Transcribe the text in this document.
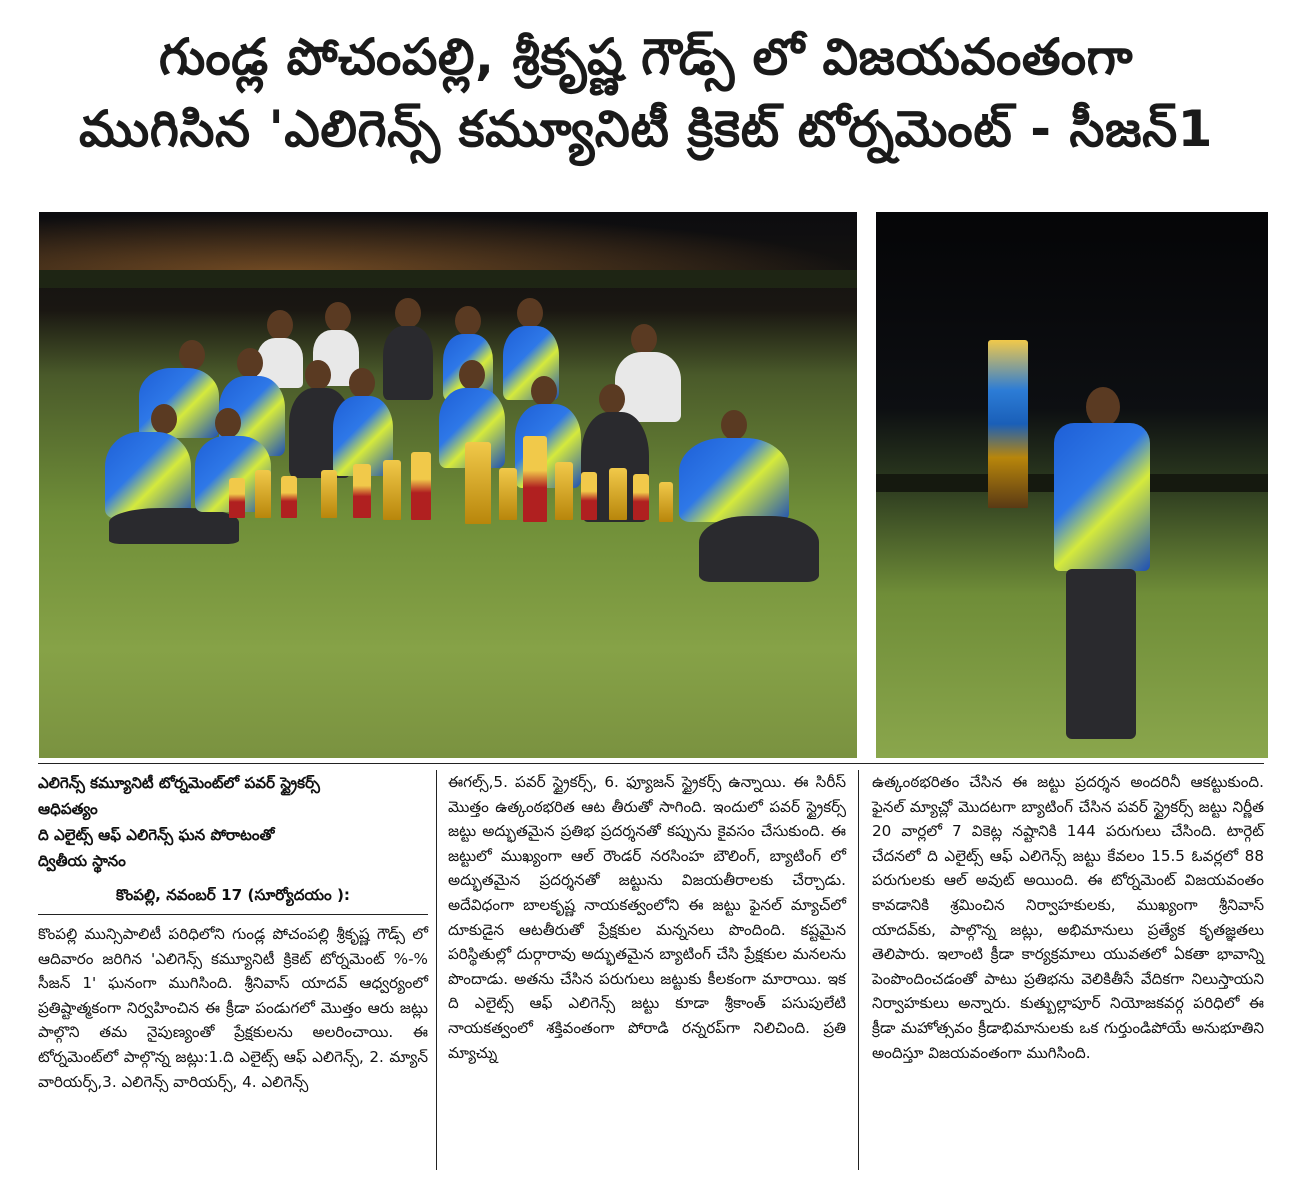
గుండ్ల పోచంపల్లి, శ్రీకృష్ణ గౌడ్స్ లో విజయవంతంగా
ముగిసిన 'ఎలిగెన్స్ కమ్యూనిటీ క్రికెట్ టోర్నమెంట్ - సీజన్1

ఎలిగెన్స్ కమ్యూనిటీ టోర్నమెంట్‌లో పవర్ స్ట్రైకర్స్

ఆధిపత్యం

ది ఎలైట్స్ ఆఫ్ ఎలిగెన్స్ ఘన పోరాటంతో

ద్వితీయ స్థానం

కొంపల్లి, నవంబర్ 17 (సూర్యోదయం ):
కొంపల్లి మున్సిపాలిటీ పరిధిలోని గుండ్ల పోచంపల్లి శ్రీకృష్ణ గౌడ్స్ లో ఆదివారం జరిగిన 'ఎలిగెన్స్ కమ్యూనిటీ క్రికెట్ టోర్నమెంట్ %-% సీజన్ 1' ఘనంగా ముగిసింది. శ్రీనివాస్ యాదవ్ ఆధ్వర్యంలో ప్రతిష్టాత్మకంగా నిర్వహించిన ఈ క్రీడా పండుగలో మొత్తం ఆరు జట్లు పాల్గొని తమ నైపుణ్యంతో ప్రేక్షకులను అలరించాయి. ఈ టోర్నమెంట్‌లో పాల్గొన్న జట్లు:1.ది ఎలైట్స్ ఆఫ్ ఎలిగెన్స్, 2. మ్యాన్ వారియర్స్,3. ఎలిగెన్స్ వారియర్స్, 4. ఎలిగెన్స్
ఈగల్స్,5. పవర్ స్ట్రైకర్స్, 6. ఫ్యూజన్ స్ట్రైకర్స్ ఉన్నాయి. ఈ సిరీస్ మొత్తం ఉత్కంఠభరిత ఆట తీరుతో సాగింది. ఇందులో పవర్ స్ట్రైకర్స్ జట్టు అద్భుతమైన ప్రతిభ ప్రదర్శనతో కప్పును కైవసం చేసుకుంది. ఈ జట్టులో ముఖ్యంగా ఆల్ రౌండర్ నరసింహ బౌలింగ్, బ్యాటింగ్ లో అద్భుతమైన ప్రదర్శనతో జట్టును విజయతీరాలకు చేర్చాడు. అదేవిధంగా బాలకృష్ణ నాయకత్వంలోని ఈ జట్టు ఫైనల్ మ్యాచ్‌లో దూకుడైన ఆటతీరుతో ప్రేక్షకుల మన్ననలు పొందింది. కష్టమైన పరిస్థితుల్లో దుర్గారావు అద్భుతమైన బ్యాటింగ్ చేసి ప్రేక్షకుల మనలను పొందాడు. అతను చేసిన పరుగులు జట్టుకు కీలకంగా మారాయి. ఇక ది ఎలైట్స్ ఆఫ్ ఎలిగెన్స్ జట్టు కూడా శ్రీకాంత్ పసుపులేటి నాయకత్వంలో శక్తివంతంగా పోరాడి రన్నరప్‌గా నిలిచింది. ప్రతి మ్యాచ్ను
ఉత్కంఠభరితం చేసిన ఈ జట్టు ప్రదర్శన అందరినీ ఆకట్టుకుంది. ఫైనల్ మ్యాచ్లో మొదటగా బ్యాటింగ్ చేసిన పవర్ స్ట్రైకర్స్ జట్టు నిర్ణీత 20 వార్లలో 7 వికెట్ల నష్టానికి 144 పరుగులు చేసింది. టార్గెట్ చేదనలో ది ఎలైట్స్ ఆఫ్ ఎలిగెన్స్ జట్టు కేవలం 15.5 ఓవర్లలో 88 పరుగులకు ఆల్ అవుట్ అయింది. ఈ టోర్నమెంట్ విజయవంతం కావడానికి శ్రమించిన నిర్వాహకులకు, ముఖ్యంగా శ్రీనివాస్ యాదవ్‌కు, పాల్గొన్న జట్లు, అభిమానులు ప్రత్యేక కృతజ్ఞతలు తెలిపారు. ఇలాంటి క్రీడా కార్యక్రమాలు యువతలో ఏకతా భావాన్ని పెంపొందించడంతో పాటు ప్రతిభను వెలికితీసే వేదికగా నిలుస్తాయని నిర్వాహకులు అన్నారు. కుత్బుల్లాపూర్ నియోజకవర్గ పరిధిలో ఈ క్రీడా మహోత్సవం క్రీడాభిమానులకు ఒక గుర్తుండిపోయే అనుభూతిని అందిస్తూ విజయవంతంగా ముగిసింది.
